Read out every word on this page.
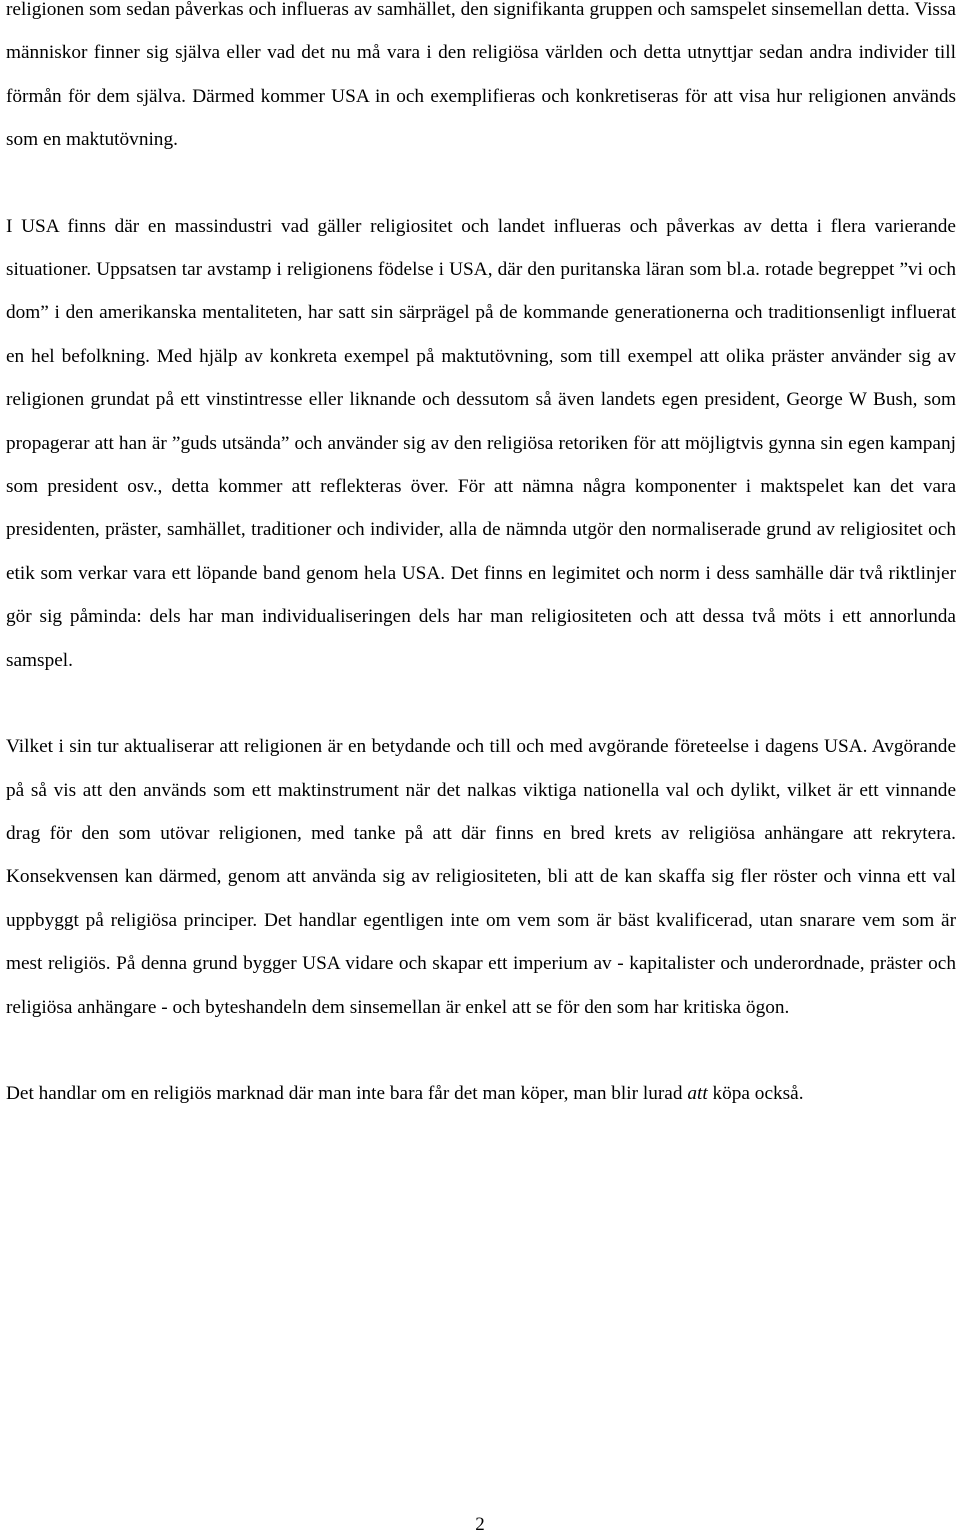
religionen som sedan påverkas och influeras av samhället, den signifikanta gruppen och samspelet sinsemellan detta. Vissa människor finner sig själva eller vad det nu må vara i den religiösa världen och detta utnyttjar sedan andra individer till förmån för dem själva. Därmed kommer USA in och exemplifieras och konkretiseras för att visa hur religionen används som en maktutövning.

I USA finns där en massindustri vad gäller religiositet och landet influeras och påverkas av detta i flera varierande situationer. Uppsatsen tar avstamp i religionens födelse i USA, där den puritanska läran som bl.a. rotade begreppet ”vi och dom” i den amerikanska mentaliteten, har satt sin särprägel på de kommande generationerna och traditionsenligt influerat en hel befolkning. Med hjälp av konkreta exempel på maktutövning, som till exempel att olika präster använder sig av religionen grundat på ett vinstintresse eller liknande och dessutom så även landets egen president, George W Bush, som propagerar att han är ”guds utsända” och använder sig av den religiösa retoriken för att möjligtvis gynna sin egen kampanj som president osv., detta kommer att reflekteras över. För att nämna några komponenter i maktspelet kan det vara presidenten, präster, samhället, traditioner och individer, alla de nämnda utgör den normaliserade grund av religiositet och etik som verkar vara ett löpande band genom hela USA. Det finns en legimitet och norm i dess samhälle där två riktlinjer gör sig påminda: dels har man individualiseringen dels har man religiositeten och att dessa två möts i ett annorlunda samspel.

Vilket i sin tur aktualiserar att religionen är en betydande och till och med avgörande företeelse i dagens USA. Avgörande på så vis att den används som ett maktinstrument när det nalkas viktiga nationella val och dylikt, vilket är ett vinnande drag för den som utövar religionen, med tanke på att där finns en bred krets av religiösa anhängare att rekrytera. Konsekvensen kan därmed, genom att använda sig av religiositeten, bli att de kan skaffa sig fler röster och vinna ett val uppbyggt på religiösa principer. Det handlar egentligen inte om vem som är bäst kvalificerad, utan snarare vem som är mest religiös. På denna grund bygger USA vidare och skapar ett imperium av - kapitalister och underordnade, präster och religiösa anhängare - och byteshandeln dem sinsemellan är enkel att se för den som har kritiska ögon.

Det handlar om en religiös marknad där man inte bara får det man köper, man blir lurad att köpa också.

2
